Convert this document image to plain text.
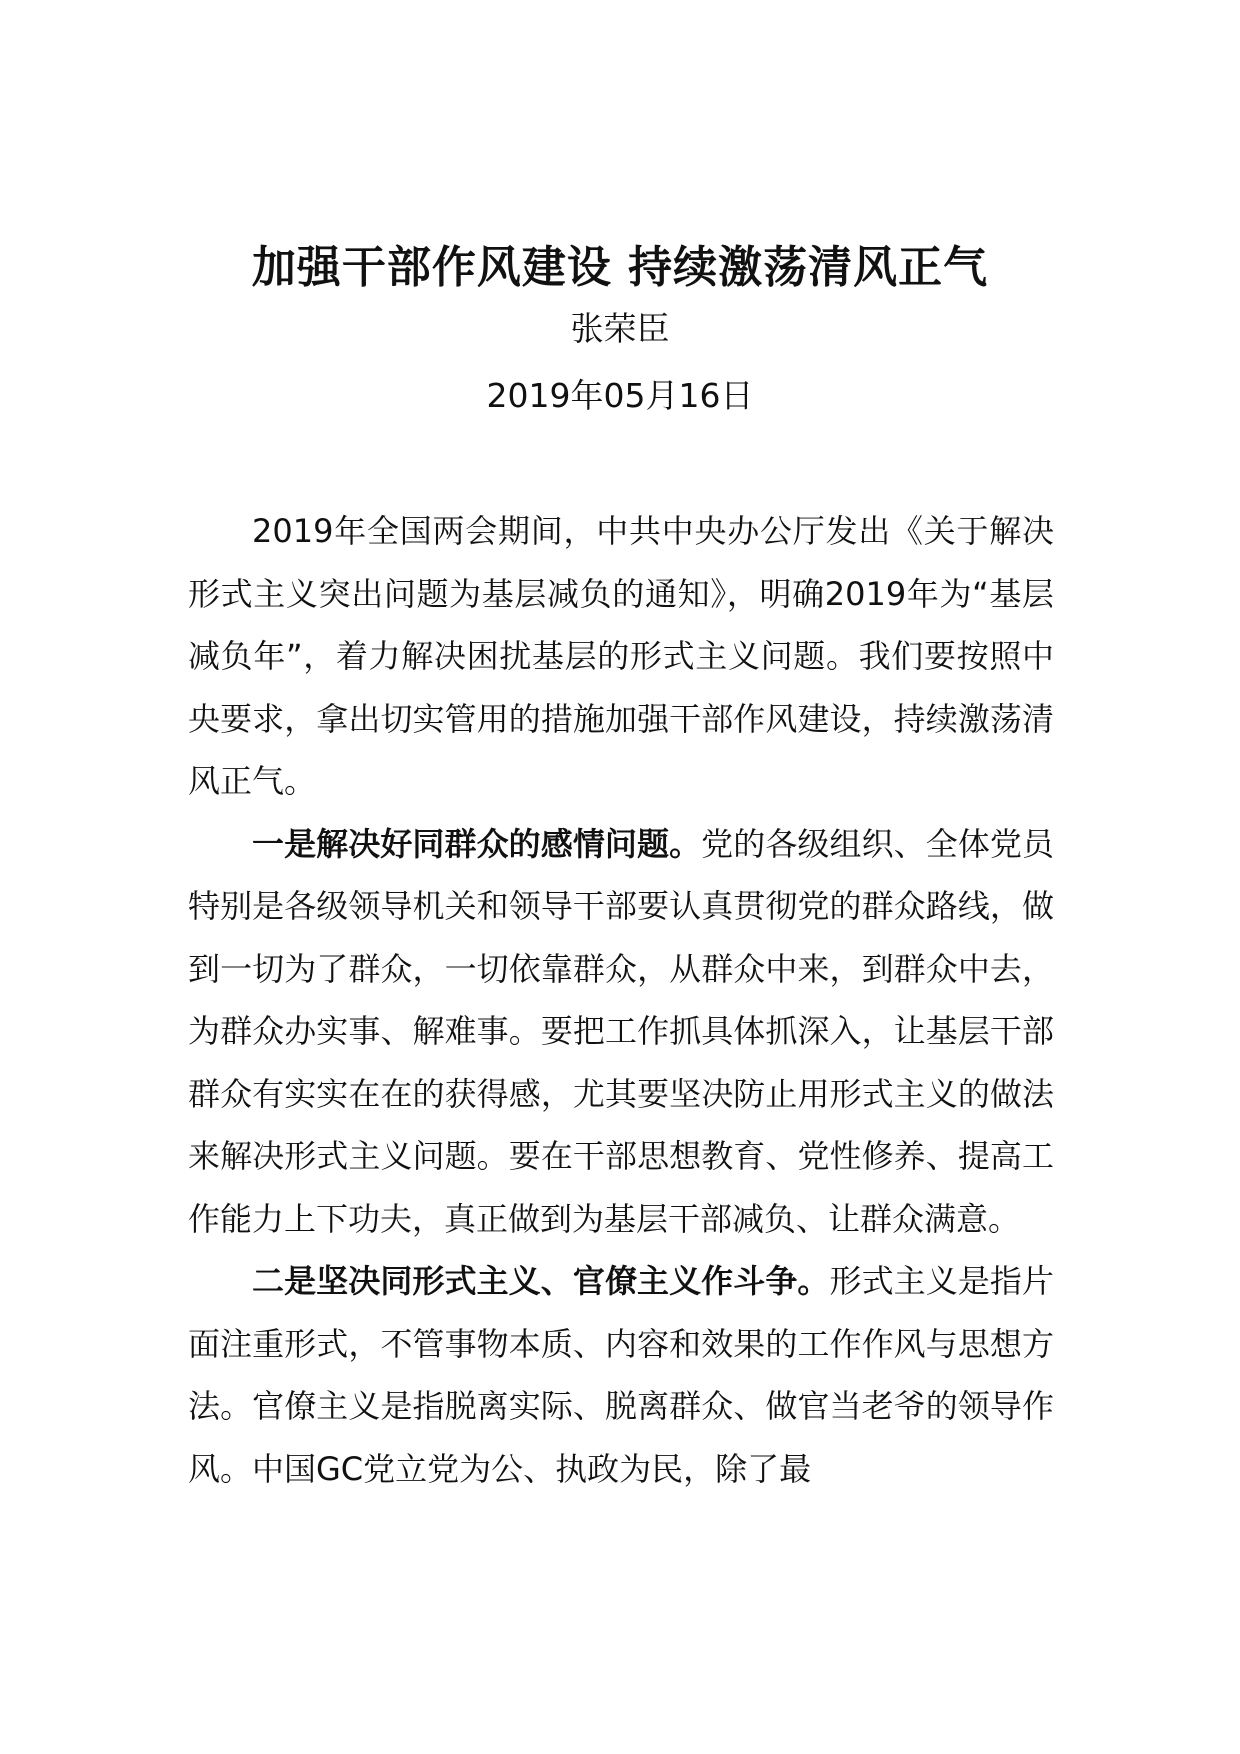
加强干部作风建设 持续激荡清风正气
张荣臣
2019年05月16日

2019年全国两会期间，中共中央办公厅发出《关于解决形式主义突出问题为基层减负的通知》，明确2019年为“基层减负年”，着力解决困扰基层的形式主义问题。我们要按照中央要求，拿出切实管用的措施加强干部作风建设，持续激荡清风正气。

一是解决好同群众的感情问题。党的各级组织、全体党员特别是各级领导机关和领导干部要认真贯彻党的群众路线，做到一切为了群众，一切依靠群众，从群众中来，到群众中去，为群众办实事、解难事。要把工作抓具体抓深入，让基层干部群众有实实在在的获得感，尤其要坚决防止用形式主义的做法来解决形式主义问题。要在干部思想教育、党性修养、提高工作能力上下功夫，真正做到为基层干部减负、让群众满意。

二是坚决同形式主义、官僚主义作斗争。形式主义是指片面注重形式，不管事物本质、内容和效果的工作作风与思想方法。官僚主义是指脱离实际、脱离群众、做官当老爷的领导作风。中国GC党立党为公、执政为民，除了最
